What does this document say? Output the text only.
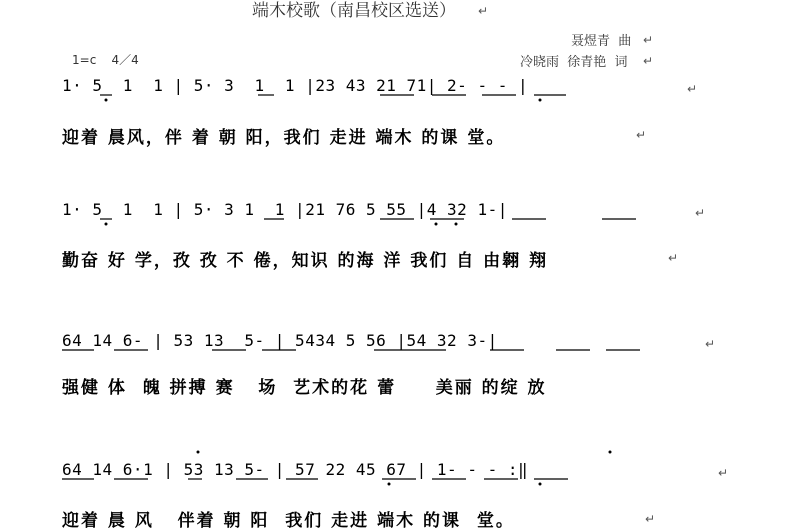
端木校歌（南昌校区选送） ↵
聂煜青  曲 ↵
1=c    4／4	冷晓雨  徐青艳  词 ↵
1· 5  1  1 | 5· 3  1  1 |23 43 21 71| 2- - - |	↵
迎着 晨风，伴 着 朝 阳，我们 走进 端木 的课 堂。	↵
1· 5  1  1 | 5· 3 1  1 |21 76 5 55 |4 32 1-|	↵
勤奋 好 学，孜 孜 不 倦，知识 的海 洋 我们 自 由翱 翔	↵
64 14 6- | 53 13  5- | 5434 5 56 |54 32 3-|	↵
强健 体  魄 拼搏 赛   场  艺术的花 蕾     美丽 的绽 放
64 14 6·1 | 53 13 5- | 57 22 45 67 | 1- - - :‖	↵
迎着 晨 风   伴着 朝 阳  我们 走进 端木 的课  堂。	↵
